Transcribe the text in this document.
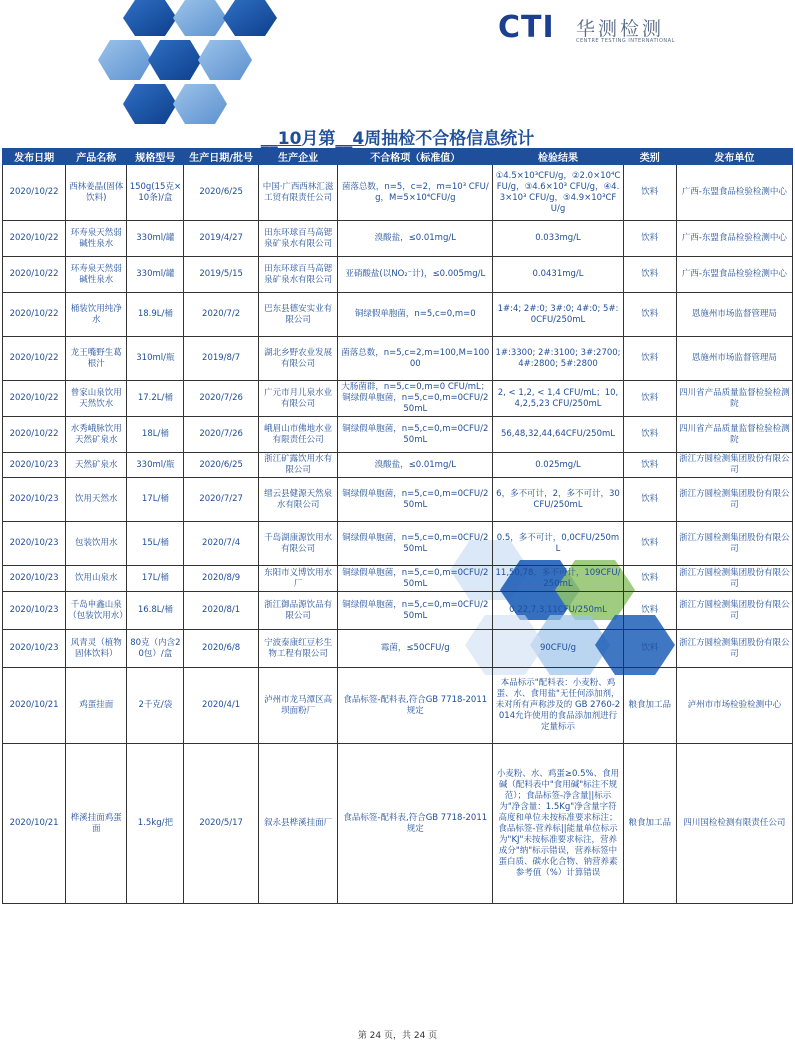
CTI 华测检测
CENTRE TESTING INTERNATIONAL
__10月第__4周抽检不合格信息统计
发布日期	产品名称	规格型号	生产日期/批号	生产企业	不合格项（标准值）	检验结果	类别	发布单位
2020/10/22	西林姜晶(固体饮料)	150g(15克×10条)/盒	2020/6/25	中国·广西西林汇滋工贸有限责任公司	菌落总数，n=5，c=2，m=10³ CFU/g，M=5×10⁴CFU/g	①4.5×10³CFU/g，②2.0×10⁴CFU/g，③4.6×10³ CFU/g，④4.3×10³ CFU/g，⑤4.9×10³CFU/g	饮料	广西-东盟食品检验检测中心
2020/10/22	环寿泉天然弱碱性泉水	330ml/罐	2019/4/27	田东环球百马高锶泉矿泉水有限公司	溴酸盐，≤0.01mg/L	0.033mg/L	饮料	广西-东盟食品检验检测中心
2020/10/22	环寿泉天然弱碱性泉水	330ml/罐	2019/5/15	田东环球百马高锶泉矿泉水有限公司	亚硝酸盐(以NO₂⁻计)，≤0.005mg/L	0.0431mg/L	饮料	广西-东盟食品检验检测中心
2020/10/22	桶装饮用纯净水	18.9L/桶	2020/7/2	巴东县德安实业有限公司	铜绿假单胞菌，n=5,c=0,m=0	1#:4; 2#:0; 3#:0; 4#:0; 5#:0CFU/250mL	饮料	恩施州市场监督管理局
2020/10/22	龙王嘴野生葛根汁	310ml/瓶	2019/8/7	湖北乡野农业发展有限公司	菌落总数，n=5,c=2,m=100,M=10000	1#:3300; 2#:3100; 3#:2700; 4#:2800; 5#:2800	饮料	恩施州市场监督管理局
2020/10/22	曾家山泉饮用天然饮水	17.2L/桶	2020/7/26	广元市月儿泉水业有限公司	大肠菌群，n=5,c=0,m=0 CFU/mL；铜绿假单胞菌，n=5,c=0,m=0CFU/250mL	2, < 1,2, < 1,4 CFU/mL；10,4,2,5,23 CFU/250mL	饮料	四川省产品质量监督检验检测院
2020/10/22	水秀峨脉饮用天然矿泉水	18L/桶	2020/7/26	峨眉山市佛地水业有限责任公司	铜绿假单胞菌，n=5,c=0,m=0CFU/250mL	56,48,32,44,64CFU/250mL	饮料	四川省产品质量监督检验检测院
2020/10/23	天然矿泉水	330ml/瓶	2020/6/25	浙江矿露饮用水有限公司	溴酸盐，≤0.01mg/L	0.025mg/L	饮料	浙江方圆检测集团股份有限公司
2020/10/23	饮用天然水	17L/桶	2020/7/27	缙云县健源天然泉水有限公司	铜绿假单胞菌，n=5,c=0,m=0CFU/250mL	6，多不可计，2，多不可计，30CFU/250mL	饮料	浙江方圆检测集团股份有限公司
2020/10/23	包装饮用水	15L/桶	2020/7/4	千岛湖康源饮用水有限公司	铜绿假单胞菌，n=5,c=0,m=0CFU/250mL	0.5，多不可计，0,0CFU/250mL	饮料	浙江方圆检测集团股份有限公司
2020/10/23	饮用山泉水	17L/桶	2020/8/9	东阳市义博饮用水厂	铜绿假单胞菌，n=5,c=0,m=0CFU/250mL	11,50,78，多不可计，109CFU/250mL	饮料	浙江方圆检测集团股份有限公司
2020/10/23	千岛申鑫山泉（包装饮用水）	16.8L/桶	2020/8/1	浙江御品源饮品有限公司	铜绿假单胞菌，n=5,c=0,m=0CFU/250mL	0,22,7,3,11CFU/250mL	饮料	浙江方圆检测集团股份有限公司
2020/10/23	风青灵（植物固体饮料）	80克（内含20包）/盒	2020/6/8	宁波泰康红豆杉生物工程有限公司	霉菌，≤50CFU/g	90CFU/g	饮料	浙江方圆检测集团股份有限公司
2020/10/21	鸡蛋挂面	2千克/袋	2020/4/1	泸州市龙马潭区高坝面粉厂	食品标签-配料表,符合GB 7718-2011规定	本品标示"配料表：小麦粉、鸡蛋、水、食用盐"无任何添加剂，未对所有声称涉及的 GB 2760-2014允许使用的食品添加剂进行定量标示	粮食加工品	泸州市市场检验检测中心
2020/10/21	桦溪挂面鸡蛋面	1.5kg/把	2020/5/17	叙永县桦溪挂面厂	食品标签-配料表,符合GB 7718-2011规定	小麦粉、水、鸡蛋≥0.5%、食用碱（配料表中"食用碱"标注不规范）；食品标签-净含量||标示为"净含量：1.5Kg"净含量字符高度和单位未按标准要求标注；食品标签-营养标||能量单位标示为"KJ"未按标准要求标注，营养成分"纳"标示错误，营养标签中蛋白质、碳水化合物、钠营养素参考值（%）计算错误	粮食加工品	四川国检检测有限责任公司
第 24 页，共 24 页
